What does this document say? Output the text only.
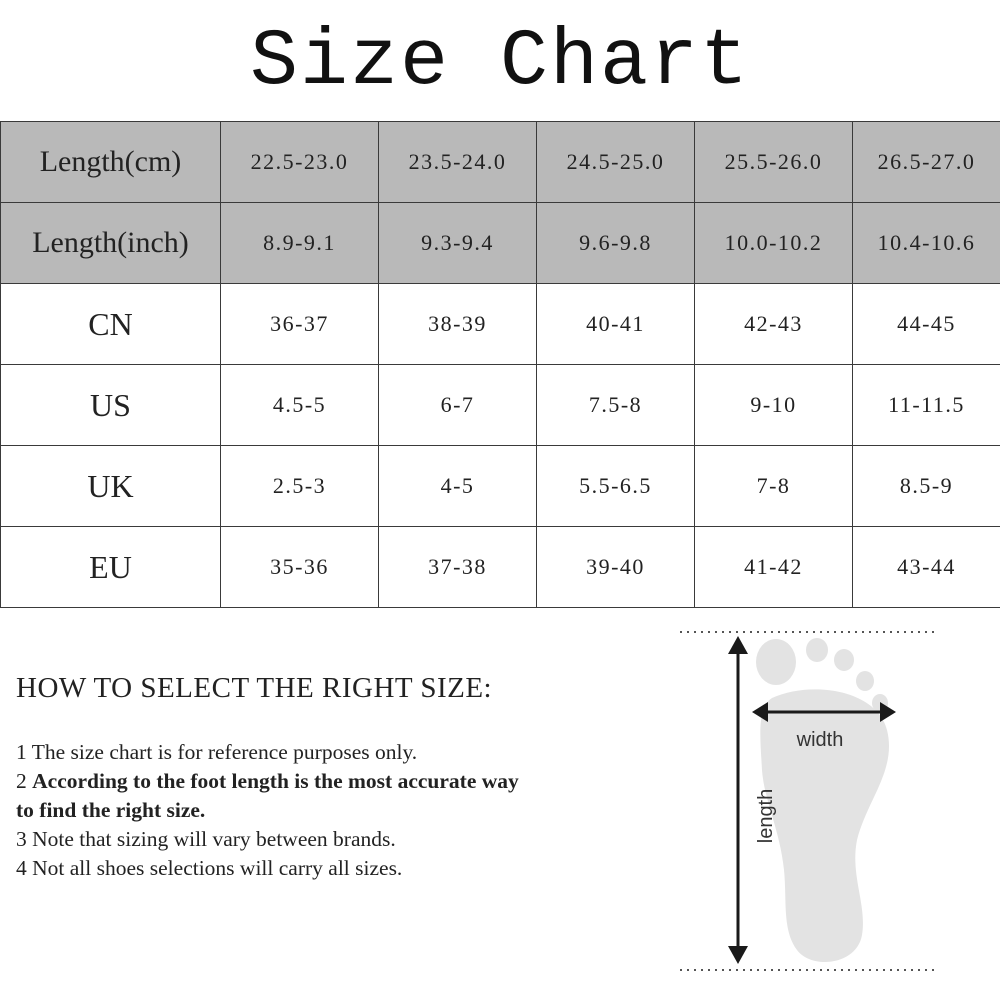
Size Chart
Length(cm)	22.5-23.0	23.5-24.0	24.5-25.0	25.5-26.0	26.5-27.0
Length(inch)	8.9-9.1	9.3-9.4	9.6-9.8	10.0-10.2	10.4-10.6
CN	36-37	38-39	40-41	42-43	44-45
US	4.5-5	6-7	7.5-8	9-10	11-11.5
UK	2.5-3	4-5	5.5-6.5	7-8	8.5-9
EU	35-36	37-38	39-40	41-42	43-44
HOW TO SELECT THE RIGHT SIZE:
1 The size chart is for reference purposes only.
2 According to the foot length is the most accurate way to find the right size.
3 Note that sizing will vary between brands.
4 Not all shoes selections will carry all sizes.
width
length
